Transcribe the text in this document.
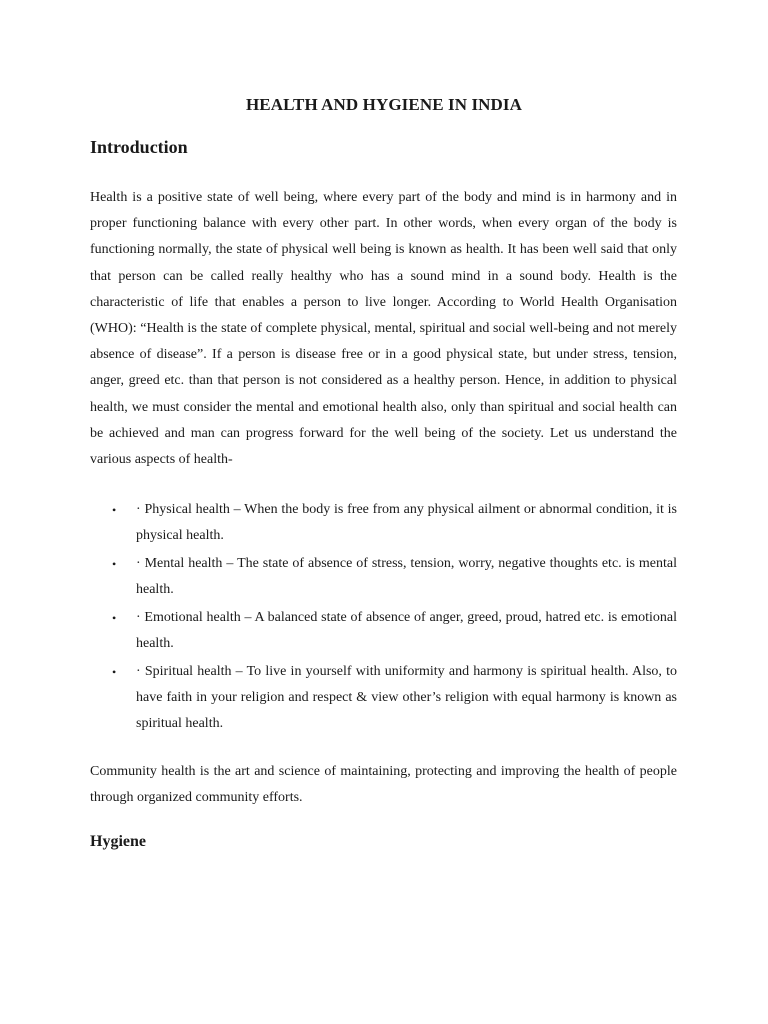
HEALTH AND HYGIENE IN INDIA
Introduction

Health is a positive state of well being, where every part of the body and mind is in harmony and in proper functioning balance with every other part. In other words, when every organ of the body is functioning normally, the state of physical well being is known as health. It has been well said that only that person can be called really healthy who has a sound mind in a sound body. Health is the characteristic of life that enables a person to live longer. According to World Health Organisation (WHO): “Health is the state of complete physical, mental, spiritual and social well-being and not merely absence of disease”. If a person is disease free or in a good physical state, but under stress, tension, anger, greed etc. than that person is not considered as a healthy person. Hence, in addition to physical health, we must consider the mental and emotional health also, only than spiritual and social health can be achieved and man can progress forward for the well being of the society. Let us understand the various aspects of health-

• · Physical health – When the body is free from any physical ailment or abnormal condition, it is physical health.
• · Mental health – The state of absence of stress, tension, worry, negative thoughts etc. is mental health.
• · Emotional health – A balanced state of absence of anger, greed, proud, hatred etc. is emotional health.
• · Spiritual health – To live in yourself with uniformity and harmony is spiritual health. Also, to have faith in your religion and respect & view other’s religion with equal harmony is known as spiritual health.

Community health is the art and science of maintaining, protecting and improving the health of people through organized community efforts.

Hygiene
